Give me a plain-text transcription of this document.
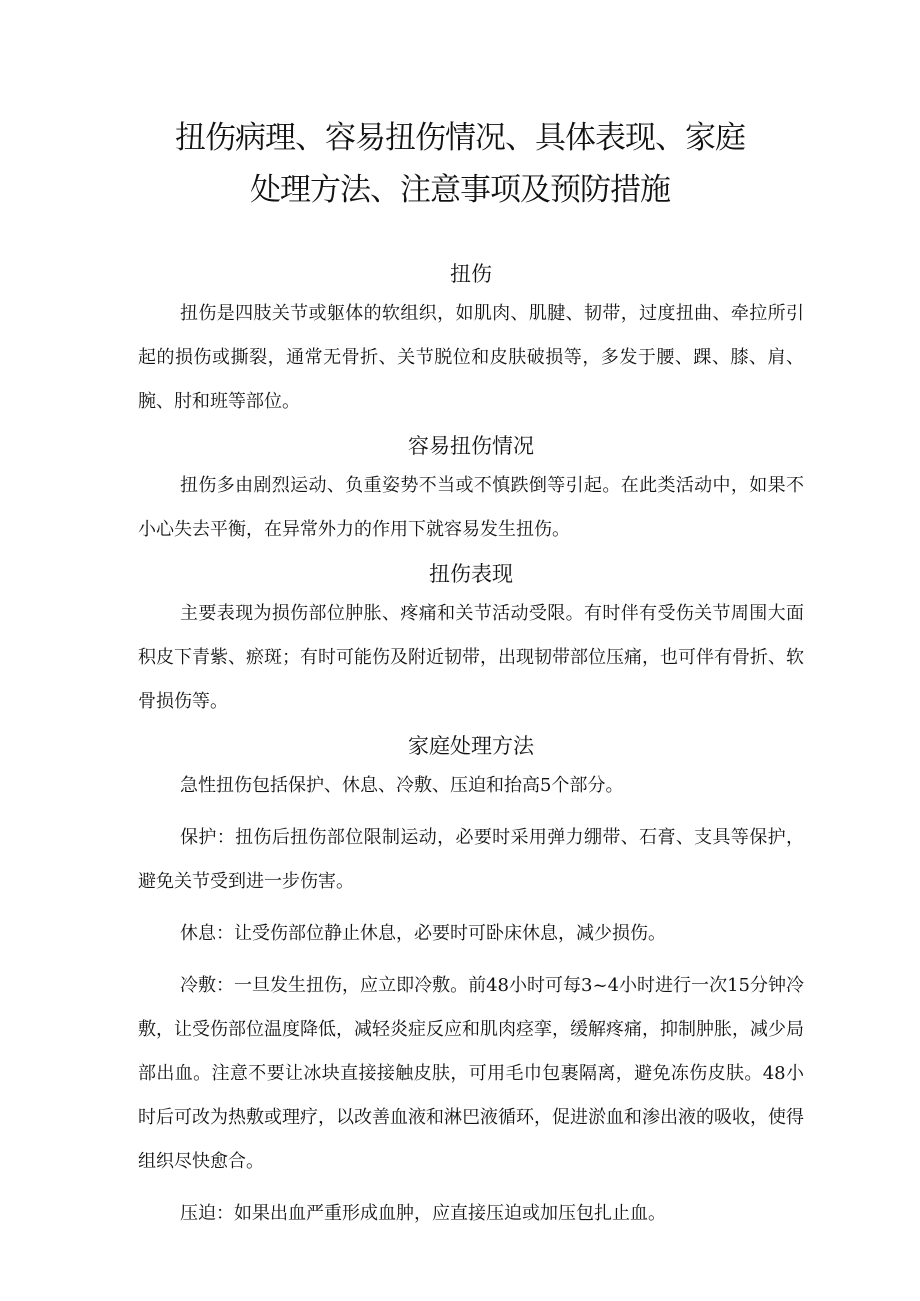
扭伤病理、容易扭伤情况、具体表现、家庭
处理方法、注意事项及预防措施
扭伤

扭伤是四肢关节或躯体的软组织，如肌肉、肌腱、韧带，过度扭曲、牵拉所引起的损伤或撕裂，通常无骨折、关节脱位和皮肤破损等，多发于腰、踝、膝、肩、腕、肘和班等部位。

容易扭伤情况

扭伤多由剧烈运动、负重姿势不当或不慎跌倒等引起。在此类活动中，如果不小心失去平衡，在异常外力的作用下就容易发生扭伤。

扭伤表现

主要表现为损伤部位肿胀、疼痛和关节活动受限。有时伴有受伤关节周围大面积皮下青紫、瘀斑；有时可能伤及附近韧带，出现韧带部位压痛，也可伴有骨折、软骨损伤等。

家庭处理方法

急性扭伤包括保护、休息、冷敷、压迫和抬高5个部分。

保护：扭伤后扭伤部位限制运动，必要时采用弹力绷带、石膏、支具等保护，避免关节受到进一步伤害。

休息：让受伤部位静止休息，必要时可卧床休息，减少损伤。

冷敷：一旦发生扭伤，应立即冷敷。前48小时可每3~4小时进行一次15分钟冷敷，让受伤部位温度降低，减轻炎症反应和肌肉痉挛，缓解疼痛，抑制肿胀，减少局部出血。注意不要让冰块直接接触皮肤，可用毛巾包裹隔离，避免冻伤皮肤。48小时后可改为热敷或理疗，以改善血液和淋巴液循环，促进淤血和渗出液的吸收，使得组织尽快愈合。

压迫：如果出血严重形成血肿，应直接压迫或加压包扎止血。
